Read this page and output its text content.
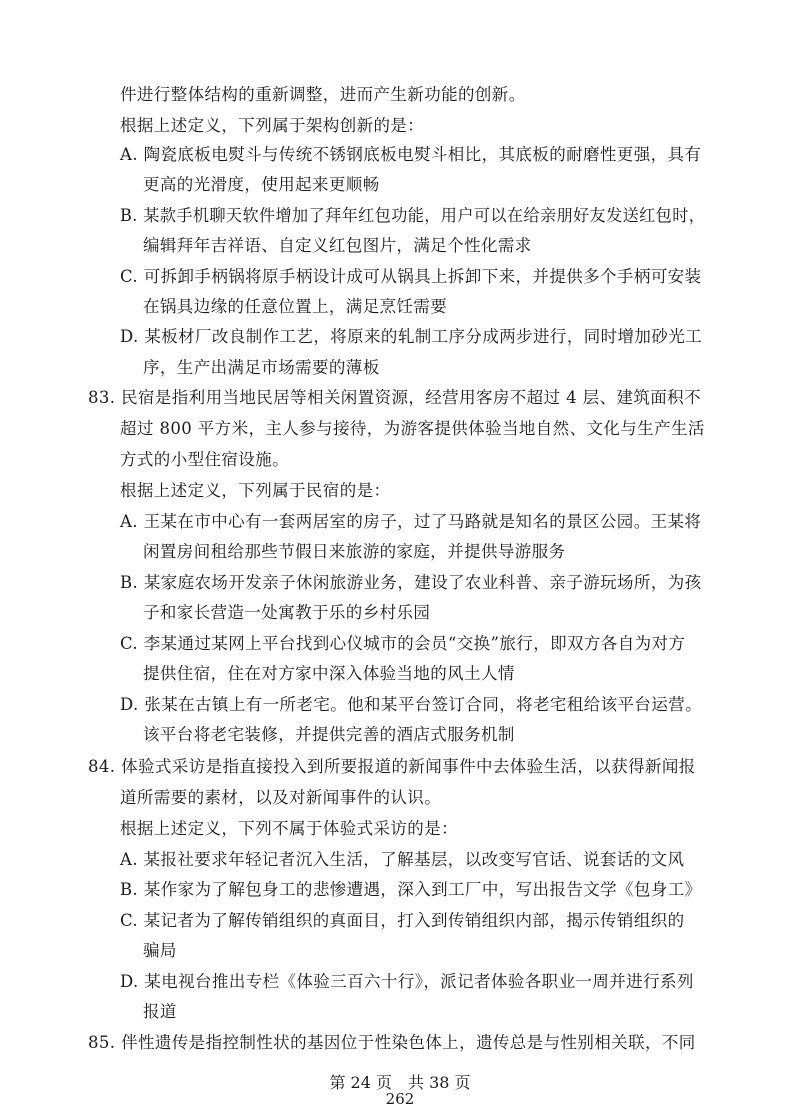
件进行整体结构的重新调整，进而产生新功能的创新。
根据上述定义，下列属于架构创新的是：
A. 陶瓷底板电熨斗与传统不锈钢底板电熨斗相比，其底板的耐磨性更强，具有
更高的光滑度，使用起来更顺畅
B. 某款手机聊天软件增加了拜年红包功能，用户可以在给亲朋好友发送红包时，
编辑拜年吉祥语、自定义红包图片，满足个性化需求
C. 可拆卸手柄锅将原手柄设计成可从锅具上拆卸下来，并提供多个手柄可安装
在锅具边缘的任意位置上，满足烹饪需要
D. 某板材厂改良制作工艺，将原来的轧制工序分成两步进行，同时增加砂光工
序，生产出满足市场需要的薄板
83. 民宿是指利用当地民居等相关闲置资源，经营用客房不超过 4 层、建筑面积不
超过 800 平方米，主人参与接待，为游客提供体验当地自然、文化与生产生活
方式的小型住宿设施。
根据上述定义，下列属于民宿的是：
A. 王某在市中心有一套两居室的房子，过了马路就是知名的景区公园。王某将
闲置房间租给那些节假日来旅游的家庭，并提供导游服务
B. 某家庭农场开发亲子休闲旅游业务，建设了农业科普、亲子游玩场所，为孩
子和家长营造一处寓教于乐的乡村乐园
C. 李某通过某网上平台找到心仪城市的会员“交换”旅行，即双方各自为对方
提供住宿，住在对方家中深入体验当地的风土人情
D. 张某在古镇上有一所老宅。他和某平台签订合同，将老宅租给该平台运营。
该平台将老宅装修，并提供完善的酒店式服务机制
84. 体验式采访是指直接投入到所要报道的新闻事件中去体验生活，以获得新闻报
道所需要的素材，以及对新闻事件的认识。
根据上述定义，下列不属于体验式采访的是：
A. 某报社要求年轻记者沉入生活，了解基层，以改变写官话、说套话的文风
B. 某作家为了解包身工的悲惨遭遇，深入到工厂中，写出报告文学《包身工》
C. 某记者为了解传销组织的真面目，打入到传销组织内部，揭示传销组织的
骗局
D. 某电视台推出专栏《体验三百六十行》，派记者体验各职业一周并进行系列
报道
85. 伴性遗传是指控制性状的基因位于性染色体上，遗传总是与性别相关联，不同
第 24 页　共 38 页
262
